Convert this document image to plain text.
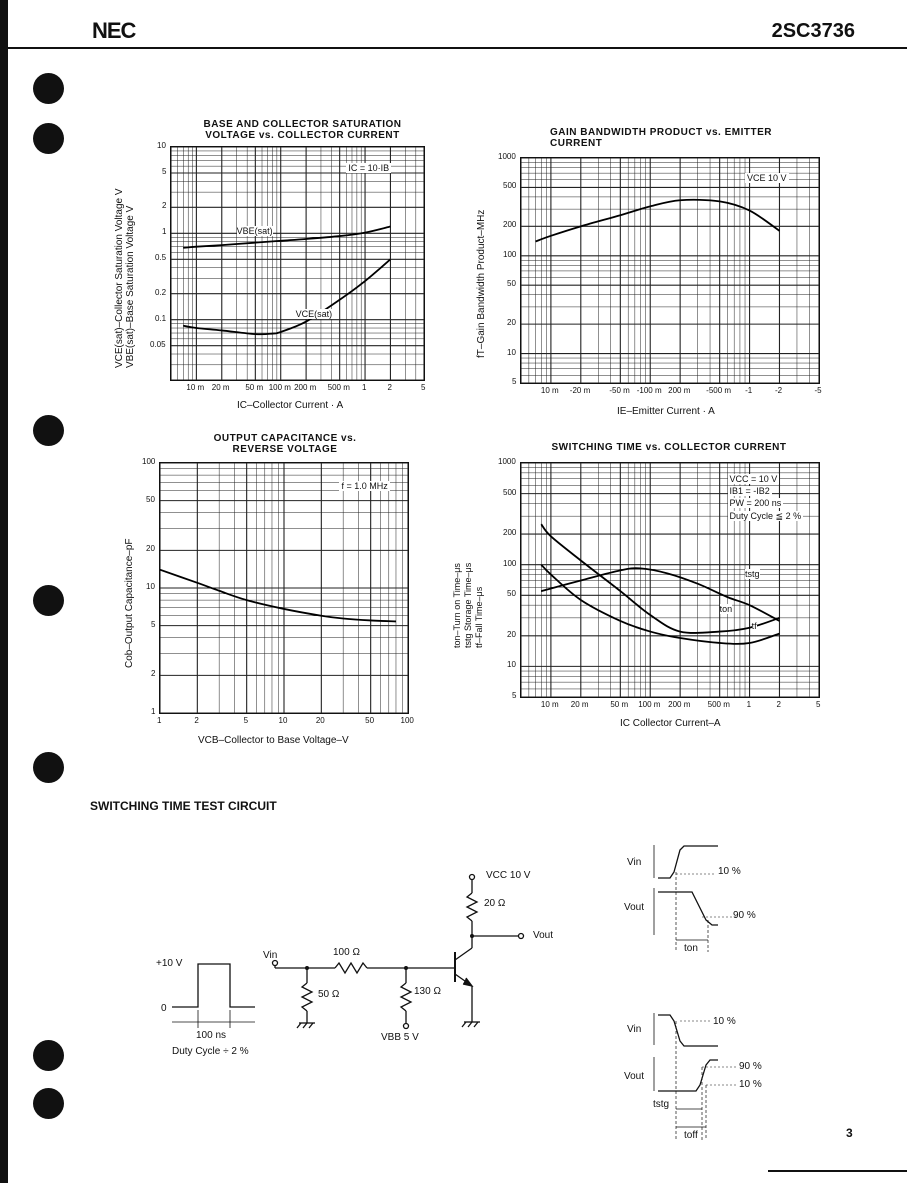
NEC	2SC3736
BASE AND COLLECTOR SATURATION
VOLTAGE vs. COLLECTOR CURRENT
VCE(sat)–Collector Saturation Voltage V
VBE(sat)–Base Saturation Voltage V
VBE(sat)
VCE(sat)
IC = 10·IB
IC–Collector Current · A
GAIN BANDWIDTH PRODUCT vs. EMITTER
CURRENT
fT–Gain Bandwidth Product–MHz
VCE 10 V
IE–Emitter Current · A
OUTPUT CAPACITANCE vs.
REVERSE VOLTAGE
Cob–Output Capacitance–pF
f = 1.0 MHz
VCB–Collector to Base Voltage–V
SWITCHING TIME vs. COLLECTOR CURRENT
ton–Turn on Time–μs
tstg Storage Time–μs
tf–Fall Time–μs
tstg
ton
tf
VCC = 10 V
IB1 = -IB2
PW = 200 ns
Duty Cycle ≦ 2 %
IC Collector Current–A
SWITCHING TIME TEST CIRCUIT
VCC 10 V
20 Ω
Vout
Vin	100 Ω
50 Ω	130 Ω
VBB 5 V
+10 V
0
100 ns
Duty Cycle ÷ 2 %
Vin
Vout
10 %
90 %
ton
Vin
Vout
10 %
90 %
10 %
tstg
toff	3
10 m 20 m 50 m 100 m 200 m 500 m 1	2	5
10
5
2
1
0.5
0.2
0.1
0.05
10 m -20 m -50 m -100 m 200 m -500 m -1	-2	-5
1000
500
200
100
50
20
10
5
1	2	5	10	20	50	100
100
50
20
10
5
2
1
10 m 20 m	50 m 100 m 200 m 500 m 1	2	5
1000
500
200
100
50
20
10
5
